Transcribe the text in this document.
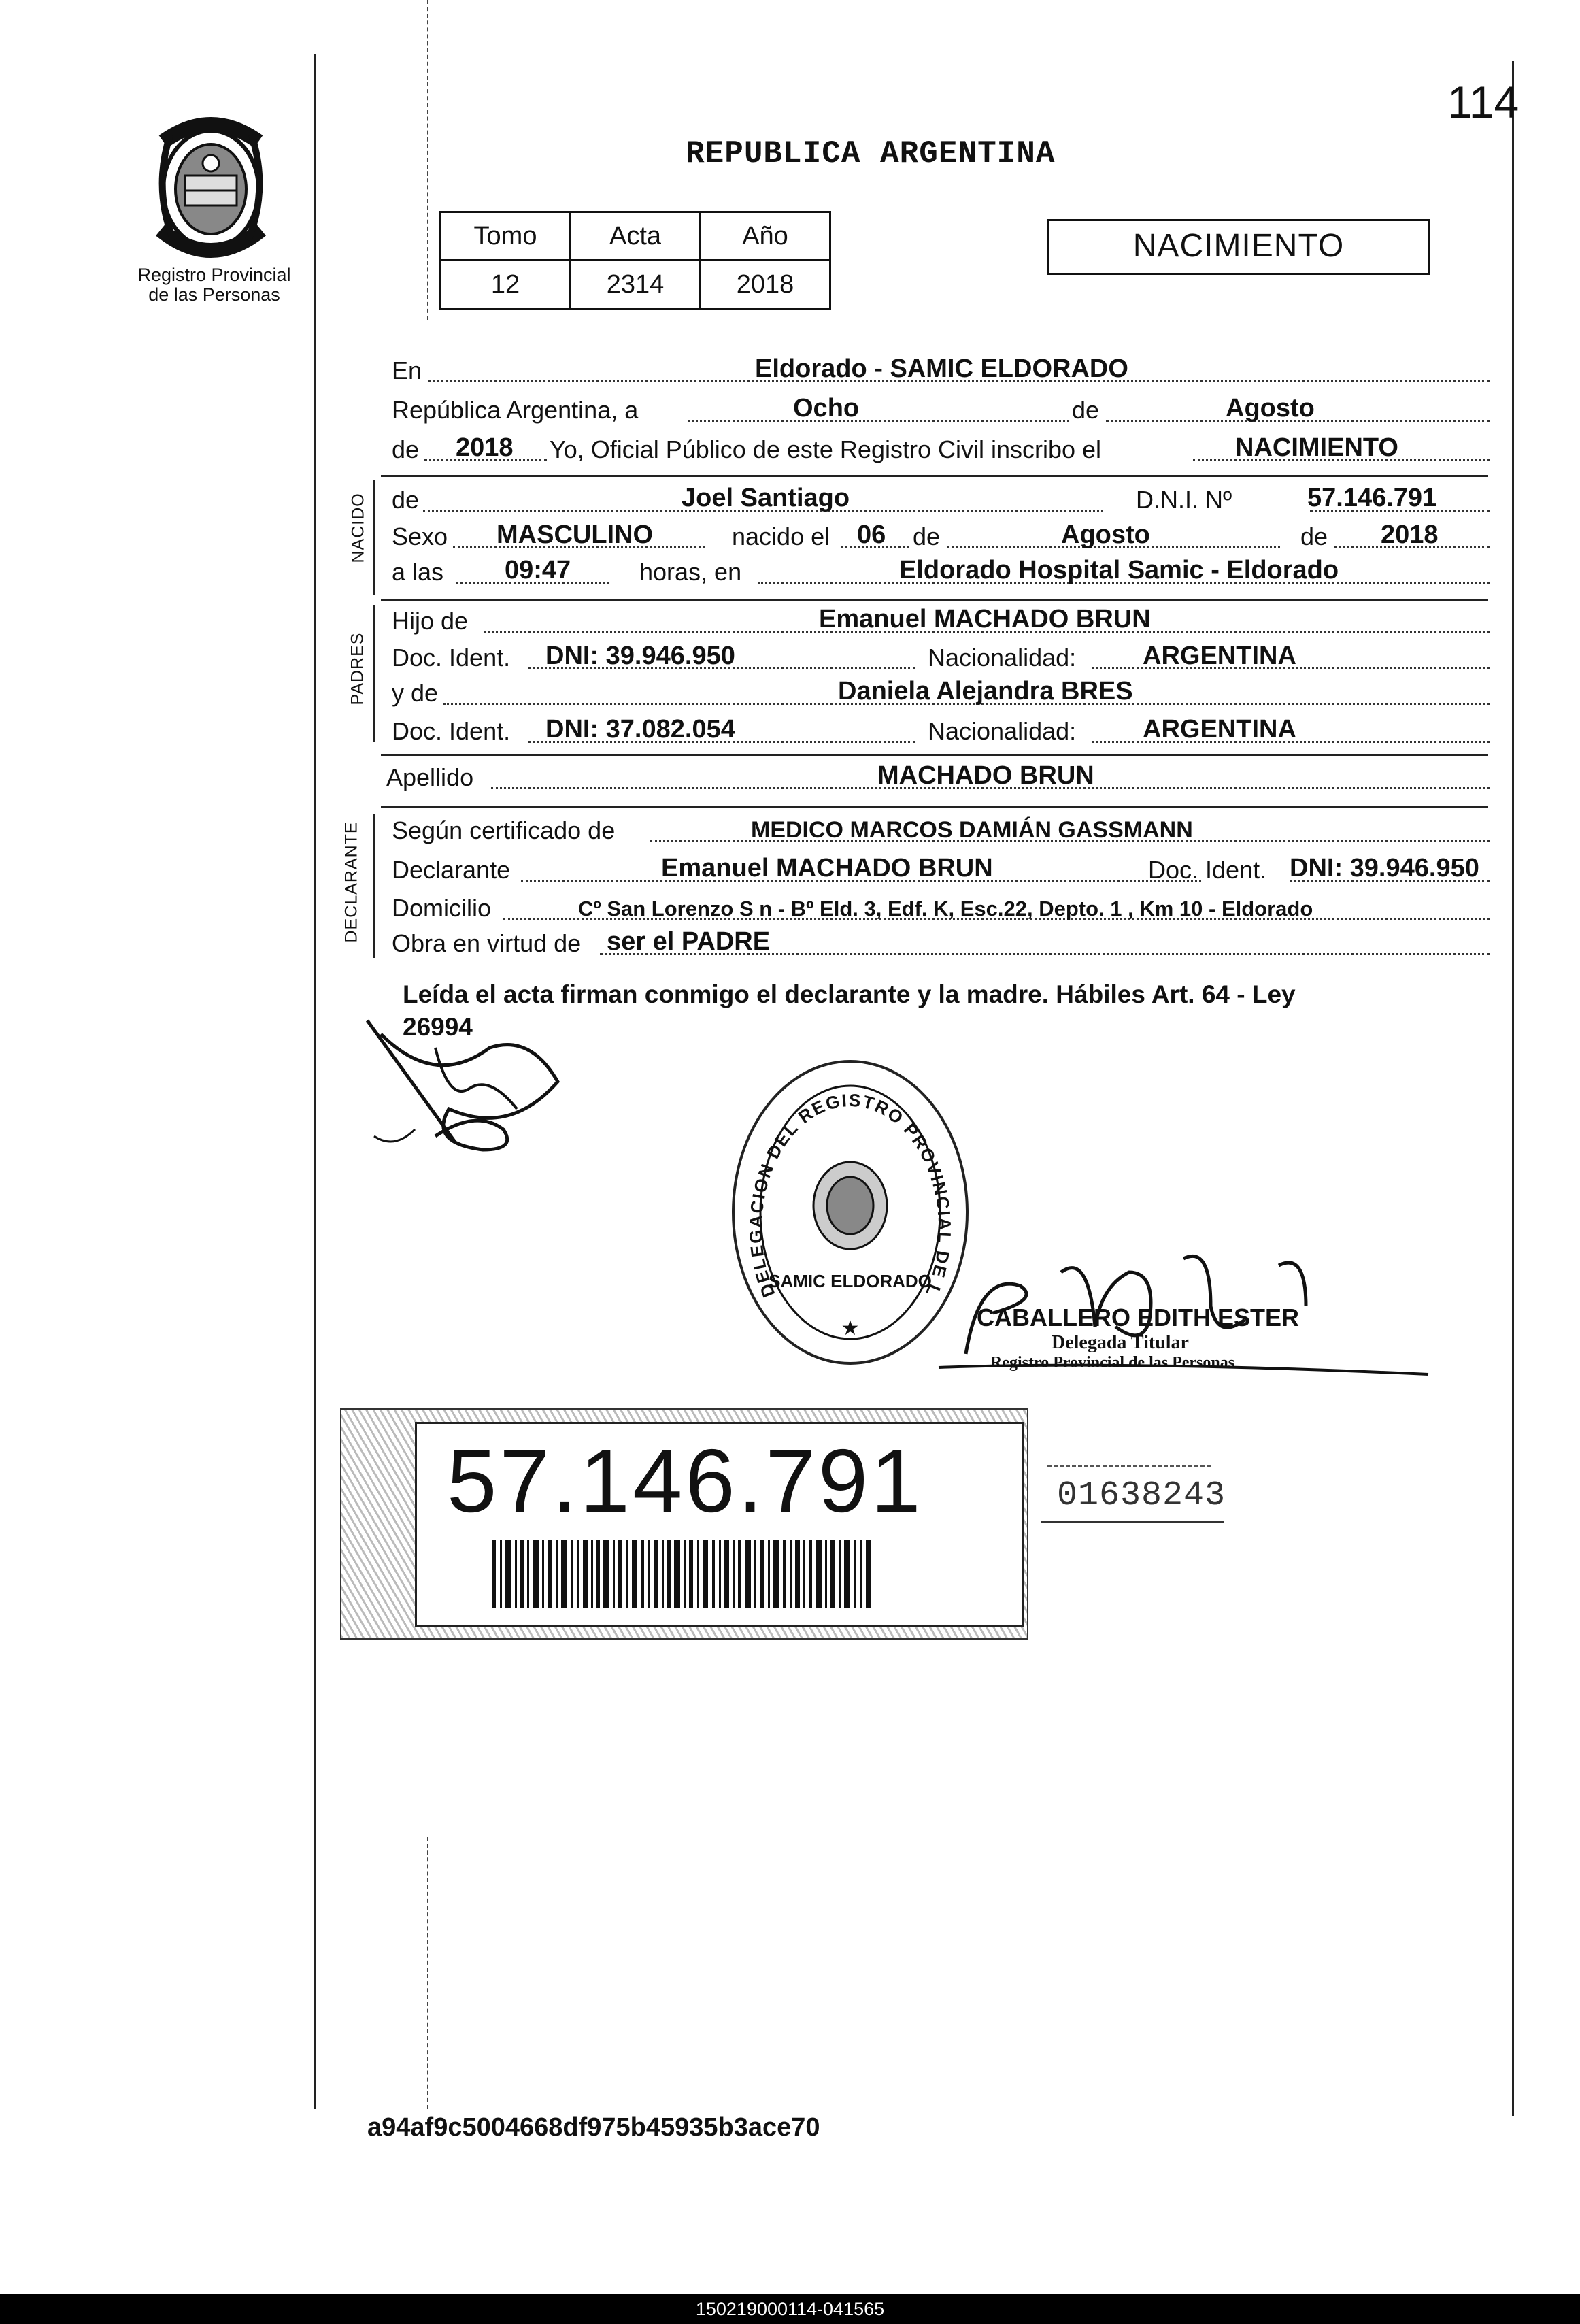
Registro Provincial
de las Personas
REPUBLICA ARGENTINA
114
Tomo	Acta	Año
12	2314	2018
NACIMIENTO
En	Eldorado - SAMIC ELDORADO
República Argentina, a	Ocho	de	Agosto
de 2018 Yo, Oficial Público de este Registro Civil inscribo el	NACIMIENTO
NACIDO de	Joel Santiago	D.N.I. Nº	57.146.791
Sexo MASCULINO	nacido el 06 de	Agosto	de 2018
a las 09:47	horas, en	Eldorado Hospital Samic - Eldorado
PADRES
Hijo de	Emanuel MACHADO BRUN
Doc. Ident. DNI: 39.946.950	Nacionalidad:	ARGENTINA
y de	Daniela Alejandra BRES
Doc. Ident. DNI: 37.082.054	Nacionalidad:	ARGENTINA
Apellido	MACHADO BRUN
DECLARANTE Según certificado de	MEDICO MARCOS DAMIÁN GASSMANN
Declarante	Emanuel MACHADO BRUN	Doc. Ident. DNI: 39.946.950
Domicilio	Cº San Lorenzo S n - Bº Eld. 3, Edf. K, Esc.22, Depto. 1 , Km 10 - Eldorado
Obra en virtud de ser el PADRE
Leída el acta firman conmigo el declarante y la madre. Hábiles Art. 64 - Ley
26994
DELEGACION DEL REGISTRO PROVINCIAL DE L
SAMIC ELDORADO
★	CABALLERO EDITH ESTER
Delegada Titular
Registro Provincial de las Personas
57.146.791	01638243
a94af9c5004668df975b45935b3ace70
150219000114-041565
